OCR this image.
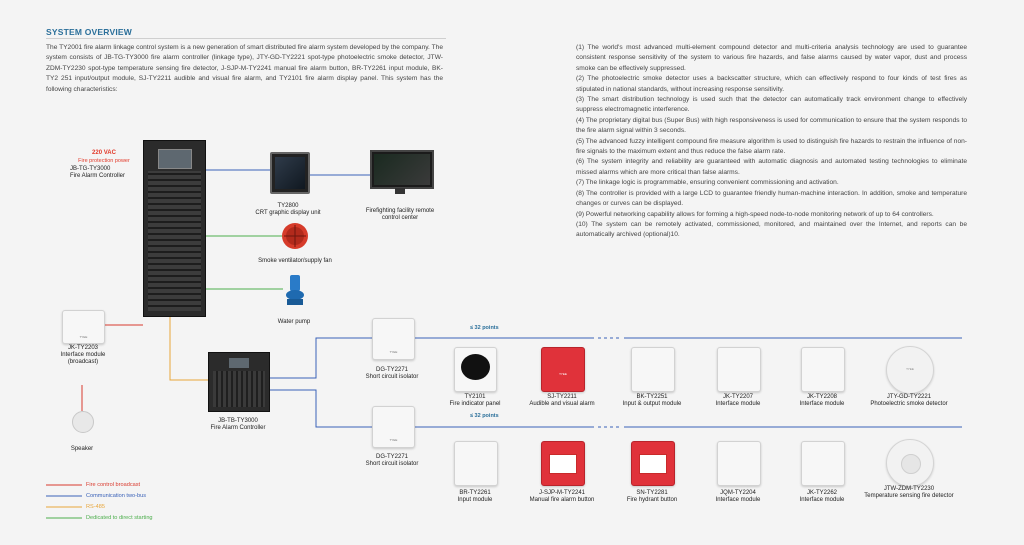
SYSTEM OVERVIEW
The TY2001 fire alarm linkage control system is a new generation of smart distributed fire alarm system developed by the company. The system consists of JB-TG-TY3000 fire alarm controller (linkage type), JTY-GD-TY2221 spot-type photoelectric smoke detector, JTW-ZDM-TY2230 spot-type temperature sensing fire detector, J-SJP-M-TY2241 manual fire alarm button, BR-TY2261 input module, BK-TY2 251 input/output module, SJ-TY2211 audible and visual fire alarm, and TY2101 fire alarm display panel. This system has the following characteristics:

(1) The world's most advanced multi-element compound detector and multi-criteria analysis technology are used to guarantee consistent response sensitivity of the system to various fire hazards, and false alarms caused by water vapor, dust and process smoke can be effectively suppressed.

(2) The photoelectric smoke detector uses a backscatter structure, which can effectively respond to four kinds of test fires as stipulated in national standards, without increasing response sensitivity.

(3) The smart distribution technology is used such that the detector can automatically track environment change to effectively suppress electromagnetic interference.

(4) The proprietary digital bus (Super Bus) with high responsiveness is used for communication to ensure that the system responds to the fire alarm signal within 3 seconds.

(5) The advanced fuzzy intelligent compound fire measure algorithm is used to distinguish fire hazards to restrain the influence of non-fire signals to the maximum extent and thus reduce the false alarm rate.

(6) The system integrity and reliability are guaranteed with automatic diagnosis and automated testing technologies to eliminate missed alarms which are more critical than false alarms.

(7) The linkage logic is programmable, ensuring convenient commissioning and activation.

(8) The controller is provided with a large LCD to guarantee friendly human-machine interaction. In addition, smoke and temperature changes or curves can be displayed.

(9) Powerful networking capability allows for forming a high-speed node-to-node monitoring network of up to 64 controllers.

(10) The system can be remotely activated, commissioned, monitored, and maintained over the Internet, and reports can be automatically archived (optional)10.

220 VAC
Fire protection power
JB-TG-TY3000
Fire Alarm Controller
TY2800
CRT graphic display unit	Firefighting facility remote control center
Smoke ventilator/supply fan
Water pump
TYEE
JK-TY2203
Interface module (broadcast)
Speaker
JB-TB-TY3000
Fire Alarm Controller
TYEE
DG-TY2271
Short circuit isolator
TYEE
DG-TY2271
Short circuit isolator
≤ 32 points
≤ 32 points
TYEE
TYEE
TY2101
Fire indicator panel
SJ-TY2211
Audible and visual alarm
BK-TY2251
Input & output module
JK-TY2207
Interface module
JK-TY2208
Interface module
JTY-GD-TY2221
Photoelectric smoke detector
BR-TY2261
Input module
J-SJP-M-TY2241
Manual fire alarm button
SN-TY2281
Fire hydrant button
JQM-TY2204
Interface module
JK-TY2262
Interface module
JTW-ZDM-TY2230
Temperature sensing fire detector
Fire control broadcast
Communication two-bus
RS-485
Dedicated to direct starting
